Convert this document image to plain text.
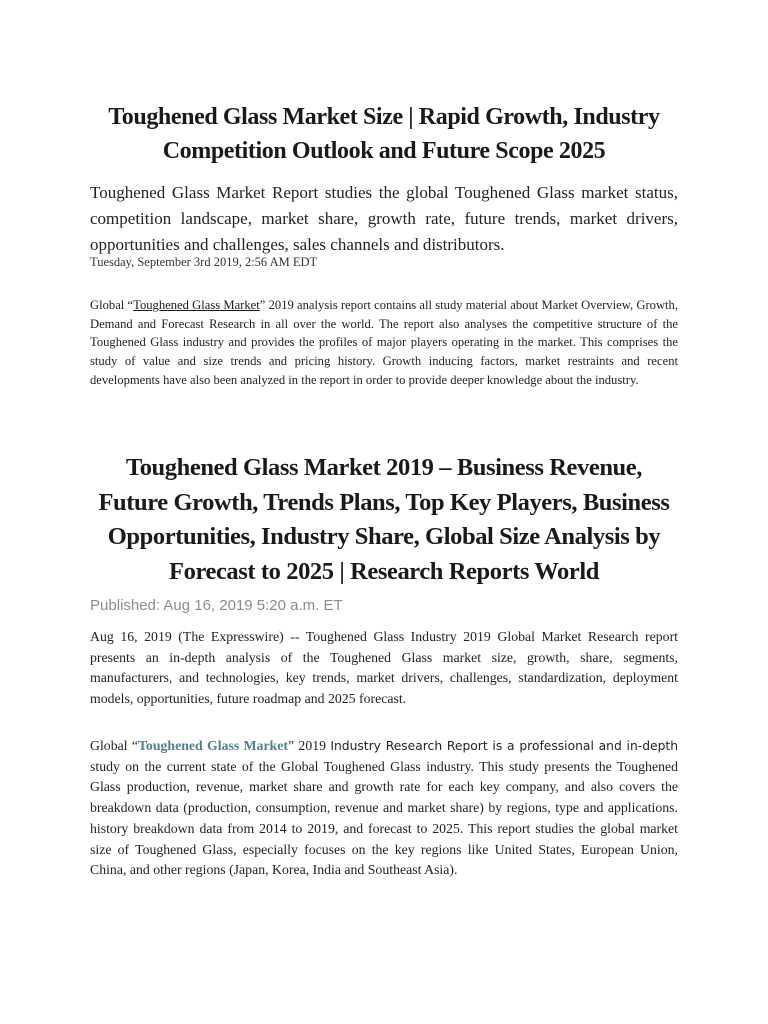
Toughened Glass Market Size | Rapid Growth, Industry Competition Outlook and Future Scope 2025

Toughened Glass Market Report studies the global Toughened Glass market status, competition landscape, market share, growth rate, future trends, market drivers, opportunities and challenges, sales channels and distributors.

Tuesday, September 3rd 2019, 2:56 AM EDT

Global “Toughened Glass Market” 2019 analysis report contains all study material about Market Overview, Growth, Demand and Forecast Research in all over the world. The report also analyses the competitive structure of the Toughened Glass industry and provides the profiles of major players operating in the market. This comprises the study of value and size trends and pricing history. Growth inducing factors, market restraints and recent developments have also been analyzed in the report in order to provide deeper knowledge about the industry.

Toughened Glass Market 2019 – Business Revenue, Future Growth, Trends Plans, Top Key Players, Business Opportunities, Industry Share, Global Size Analysis by Forecast to 2025 | Research Reports World

Published: Aug 16, 2019 5:20 a.m. ET

Aug 16, 2019 (The Expresswire) -- Toughened Glass Industry 2019 Global Market Research report presents an in-depth analysis of the Toughened Glass market size, growth, share, segments, manufacturers, and technologies, key trends, market drivers, challenges, standardization, deployment models, opportunities, future roadmap and 2025 forecast.

Global “Toughened Glass Market” 2019 Industry Research Report is a professional and in-depth study on the current state of the Global Toughened Glass industry. This study presents the Toughened Glass production, revenue, market share and growth rate for each key company, and also covers the breakdown data (production, consumption, revenue and market share) by regions, type and applications. history breakdown data from 2014 to 2019, and forecast to 2025. This report studies the global market size of Toughened Glass, especially focuses on the key regions like United States, European Union, China, and other regions (Japan, Korea, India and Southeast Asia).
